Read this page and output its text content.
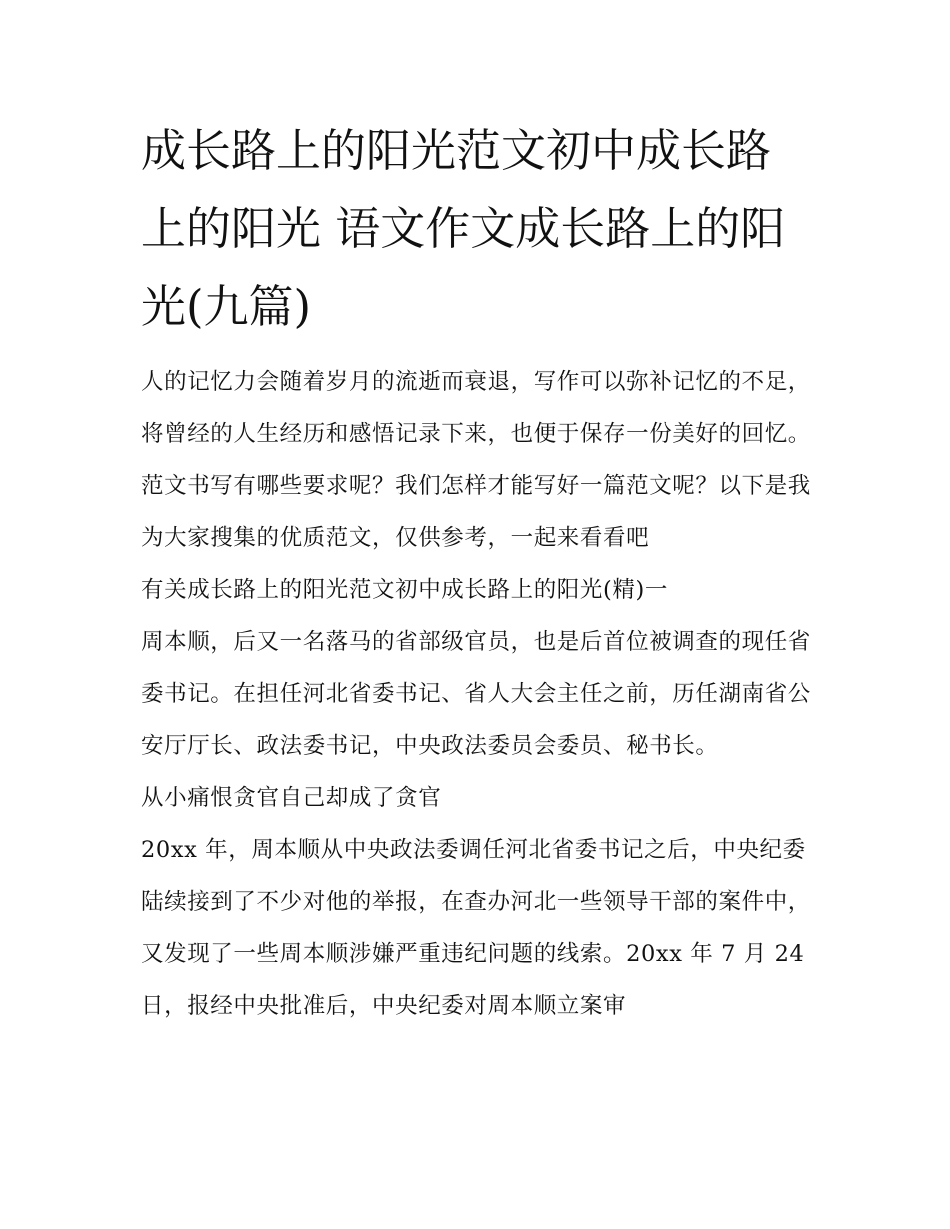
成长路上的阳光范文初中成长路上的阳光 语文作文成长路上的阳光(九篇)

人的记忆力会随着岁月的流逝而衰退，写作可以弥补记忆的不足，将曾经的人生经历和感悟记录下来，也便于保存一份美好的回忆。范文书写有哪些要求呢？我们怎样才能写好一篇范文呢？以下是我为大家搜集的优质范文，仅供参考，一起来看看吧

有关成长路上的阳光范文初中成长路上的阳光(精)一

周本顺，后又一名落马的省部级官员，也是后首位被调查的现任省委书记。在担任河北省委书记、省人大会主任之前，历任湖南省公安厅厅长、政法委书记，中央政法委员会委员、秘书长。

从小痛恨贪官自己却成了贪官

20xx 年，周本顺从中央政法委调任河北省委书记之后，中央纪委陆续接到了不少对他的举报，在查办河北一些领导干部的案件中，又发现了一些周本顺涉嫌严重违纪问题的线索。20xx 年 7 月 24 日，报经中央批准后，中央纪委对周本顺立案审
